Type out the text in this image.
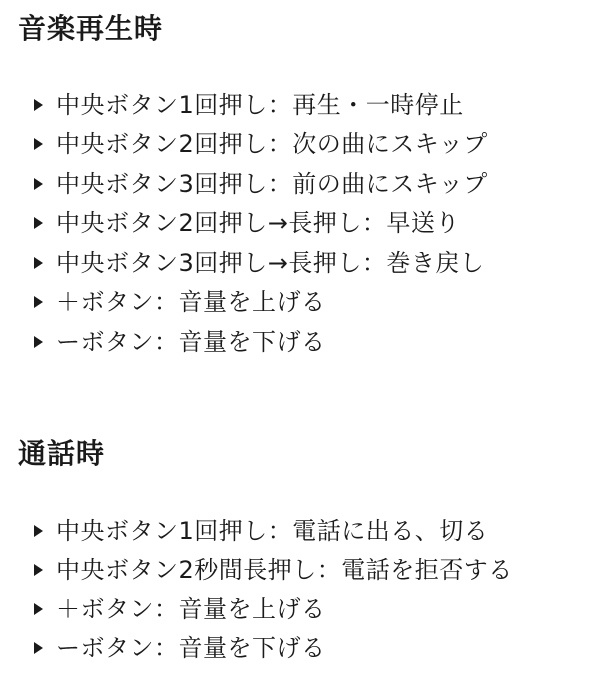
音楽再生時
中央ボタン1回押し：再生・一時停止
中央ボタン2回押し：次の曲にスキップ
中央ボタン3回押し：前の曲にスキップ
中央ボタン2回押し→長押し：早送り
中央ボタン3回押し→長押し：巻き戻し
＋ボタン：音量を上げる
ーボタン：音量を下げる
通話時
中央ボタン1回押し：電話に出る、切る
中央ボタン2秒間長押し：電話を拒否する
＋ボタン：音量を上げる
ーボタン：音量を下げる
